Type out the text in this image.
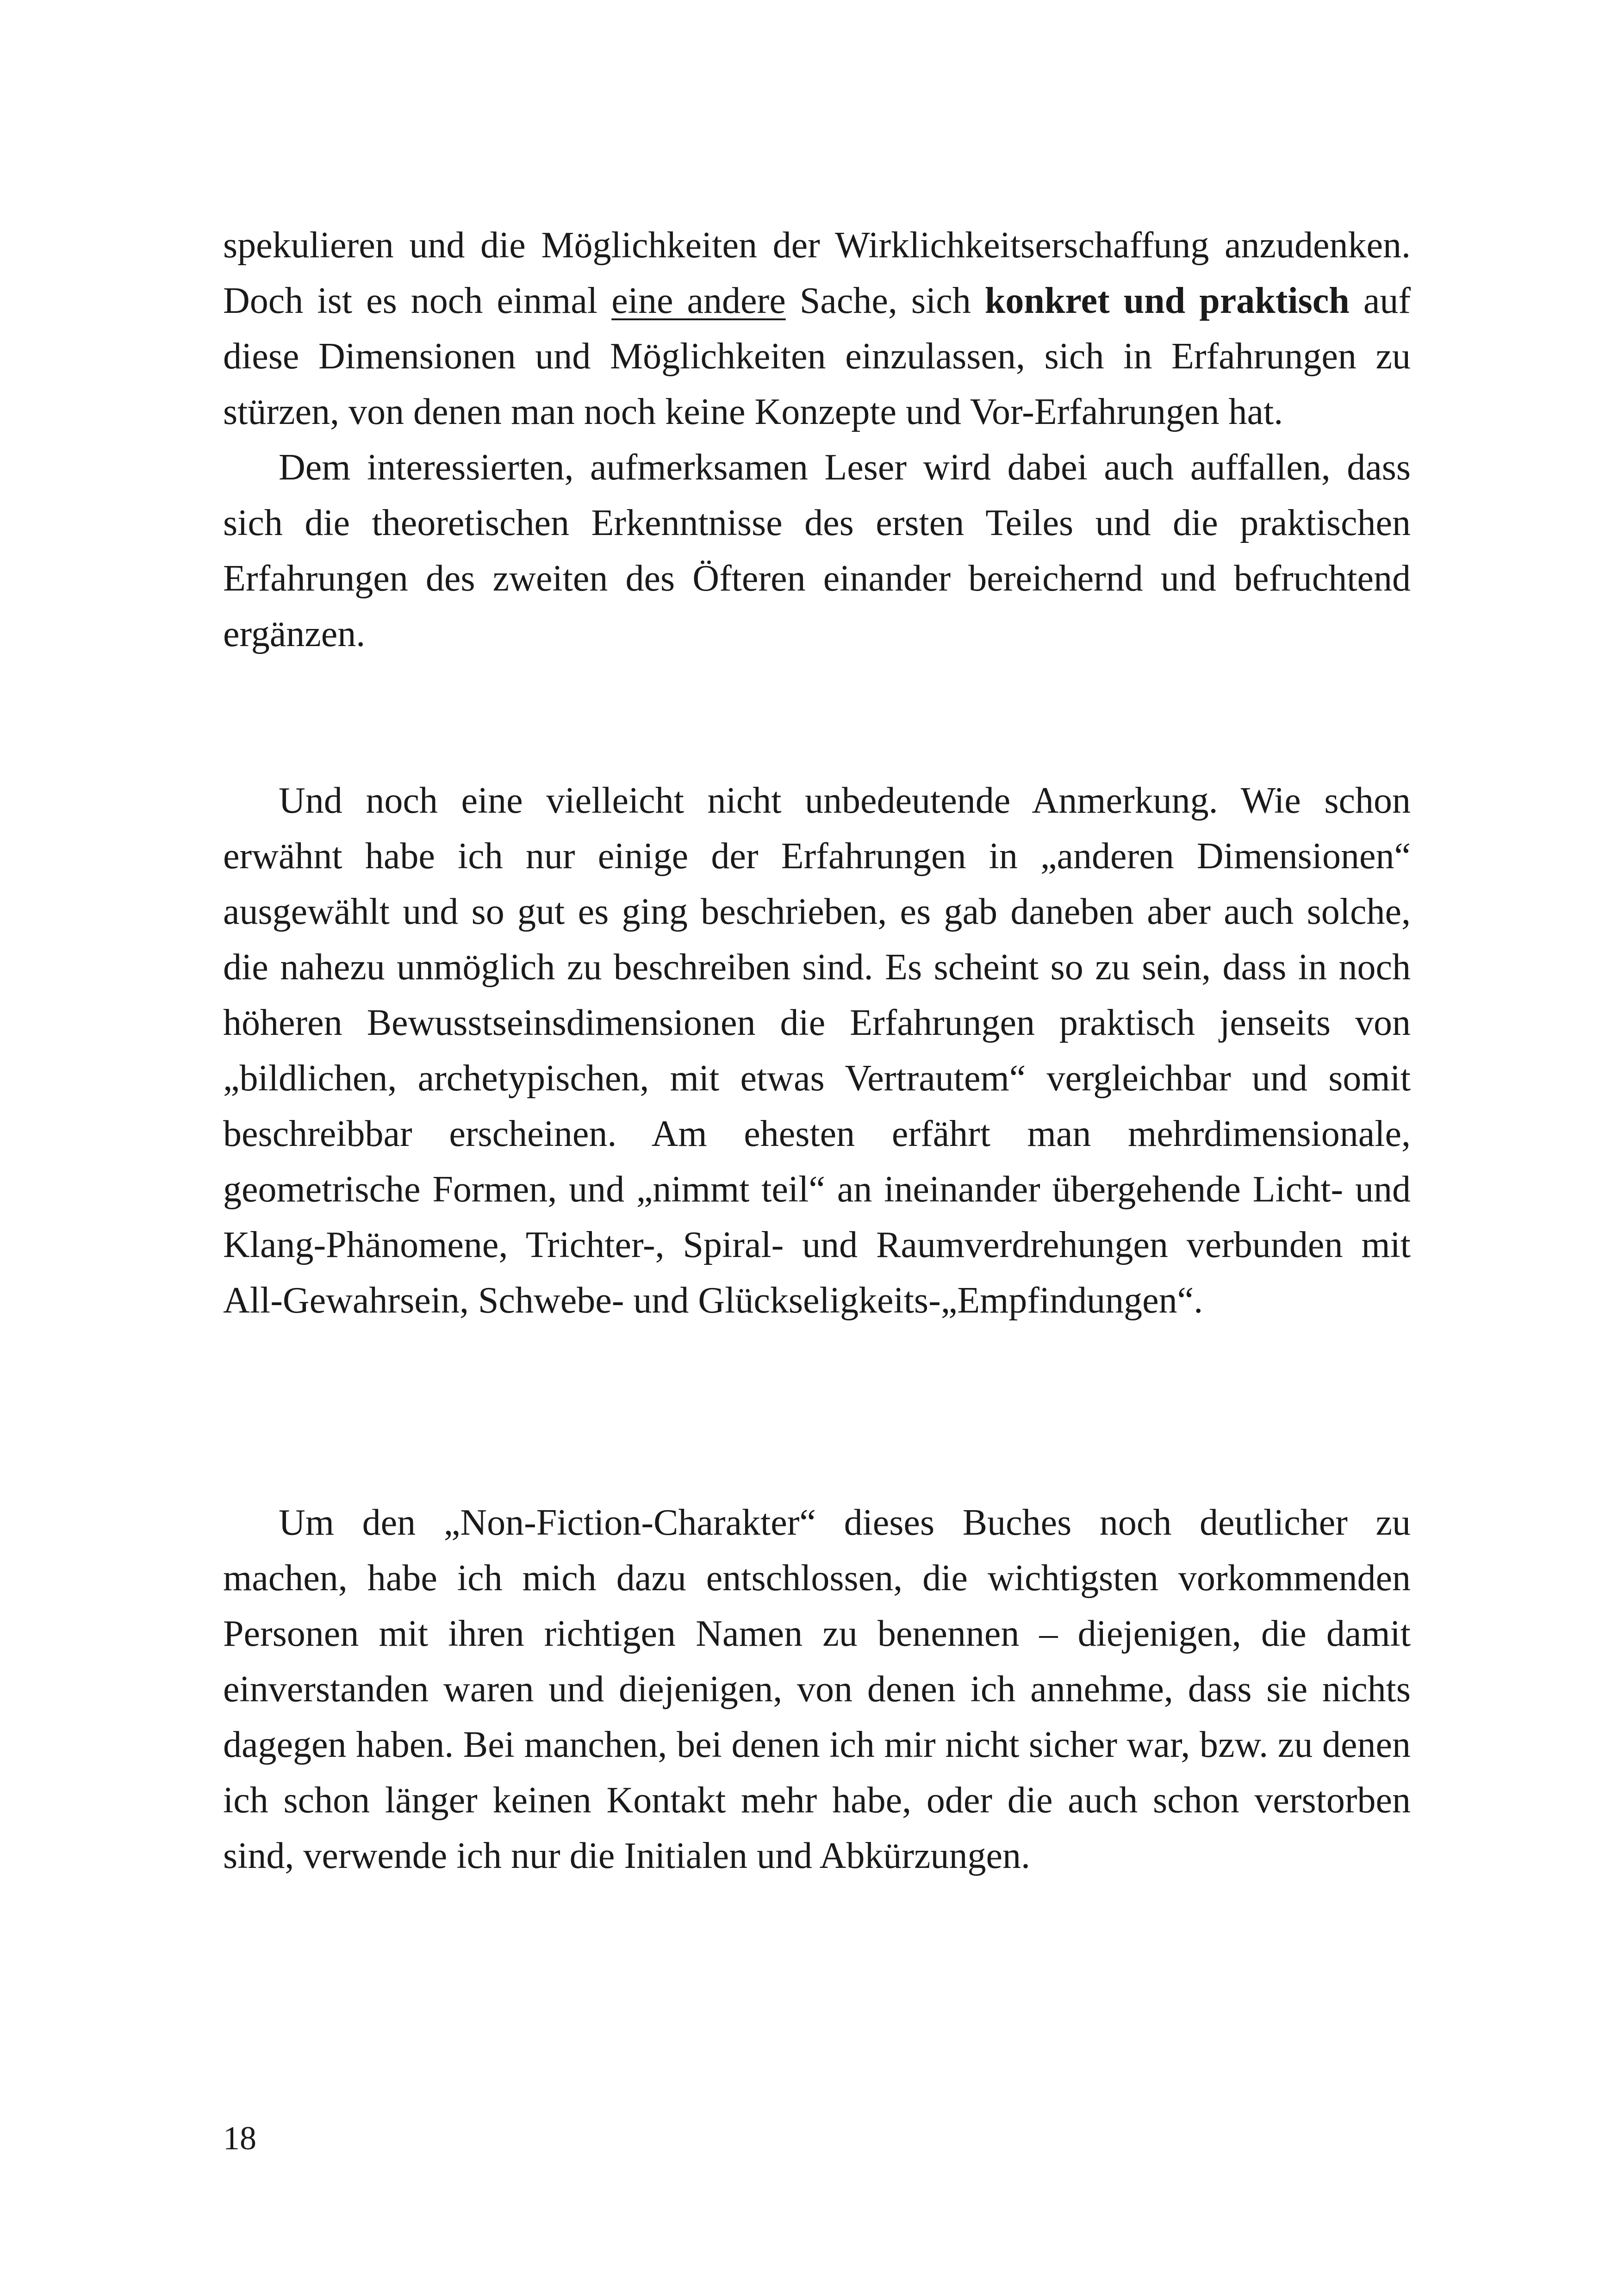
spekulieren und die Möglichkeiten der Wirklichkeitserschaffung anzudenken. Doch ist es noch einmal eine andere Sache, sich konkret und praktisch auf diese Dimensionen und Möglichkeiten einzulassen, sich in Erfahrungen zu stürzen, von denen man noch keine Konzepte und Vor-Erfahrungen hat.

Dem interessierten, aufmerksamen Leser wird dabei auch auffallen, dass sich die theoretischen Erkenntnisse des ersten Teiles und die praktischen Erfahrungen des zweiten des Öfteren einander bereichernd und befruchtend ergänzen.

Und noch eine vielleicht nicht unbedeutende Anmerkung. Wie schon erwähnt habe ich nur einige der Erfahrungen in „anderen Dimensionen“ ausgewählt und so gut es ging beschrieben, es gab daneben aber auch solche, die nahezu unmöglich zu beschreiben sind. Es scheint so zu sein, dass in noch höheren Bewusstseinsdimensionen die Erfahrungen praktisch jenseits von „bildlichen, archetypischen, mit etwas Vertrautem“ vergleichbar und somit beschreibbar erscheinen. Am ehesten erfährt man mehrdimensionale, geometrische Formen, und „nimmt teil“ an ineinander übergehende Licht- und Klang-Phänomene, Trichter-, Spiral- und Raumverdrehungen verbunden mit All-Gewahrsein, Schwebe- und Glückseligkeits-„Empfindungen“.

Um den „Non-Fiction-Charakter“ dieses Buches noch deutlicher zu machen, habe ich mich dazu entschlossen, die wichtigsten vorkommenden Personen mit ihren richtigen Namen zu benennen – diejenigen, die damit einverstanden waren und diejenigen, von denen ich annehme, dass sie nichts dagegen haben. Bei manchen, bei denen ich mir nicht sicher war, bzw. zu denen ich schon länger keinen Kontakt mehr habe, oder die auch schon verstorben sind, verwende ich nur die Initialen und Abkürzungen.

18
